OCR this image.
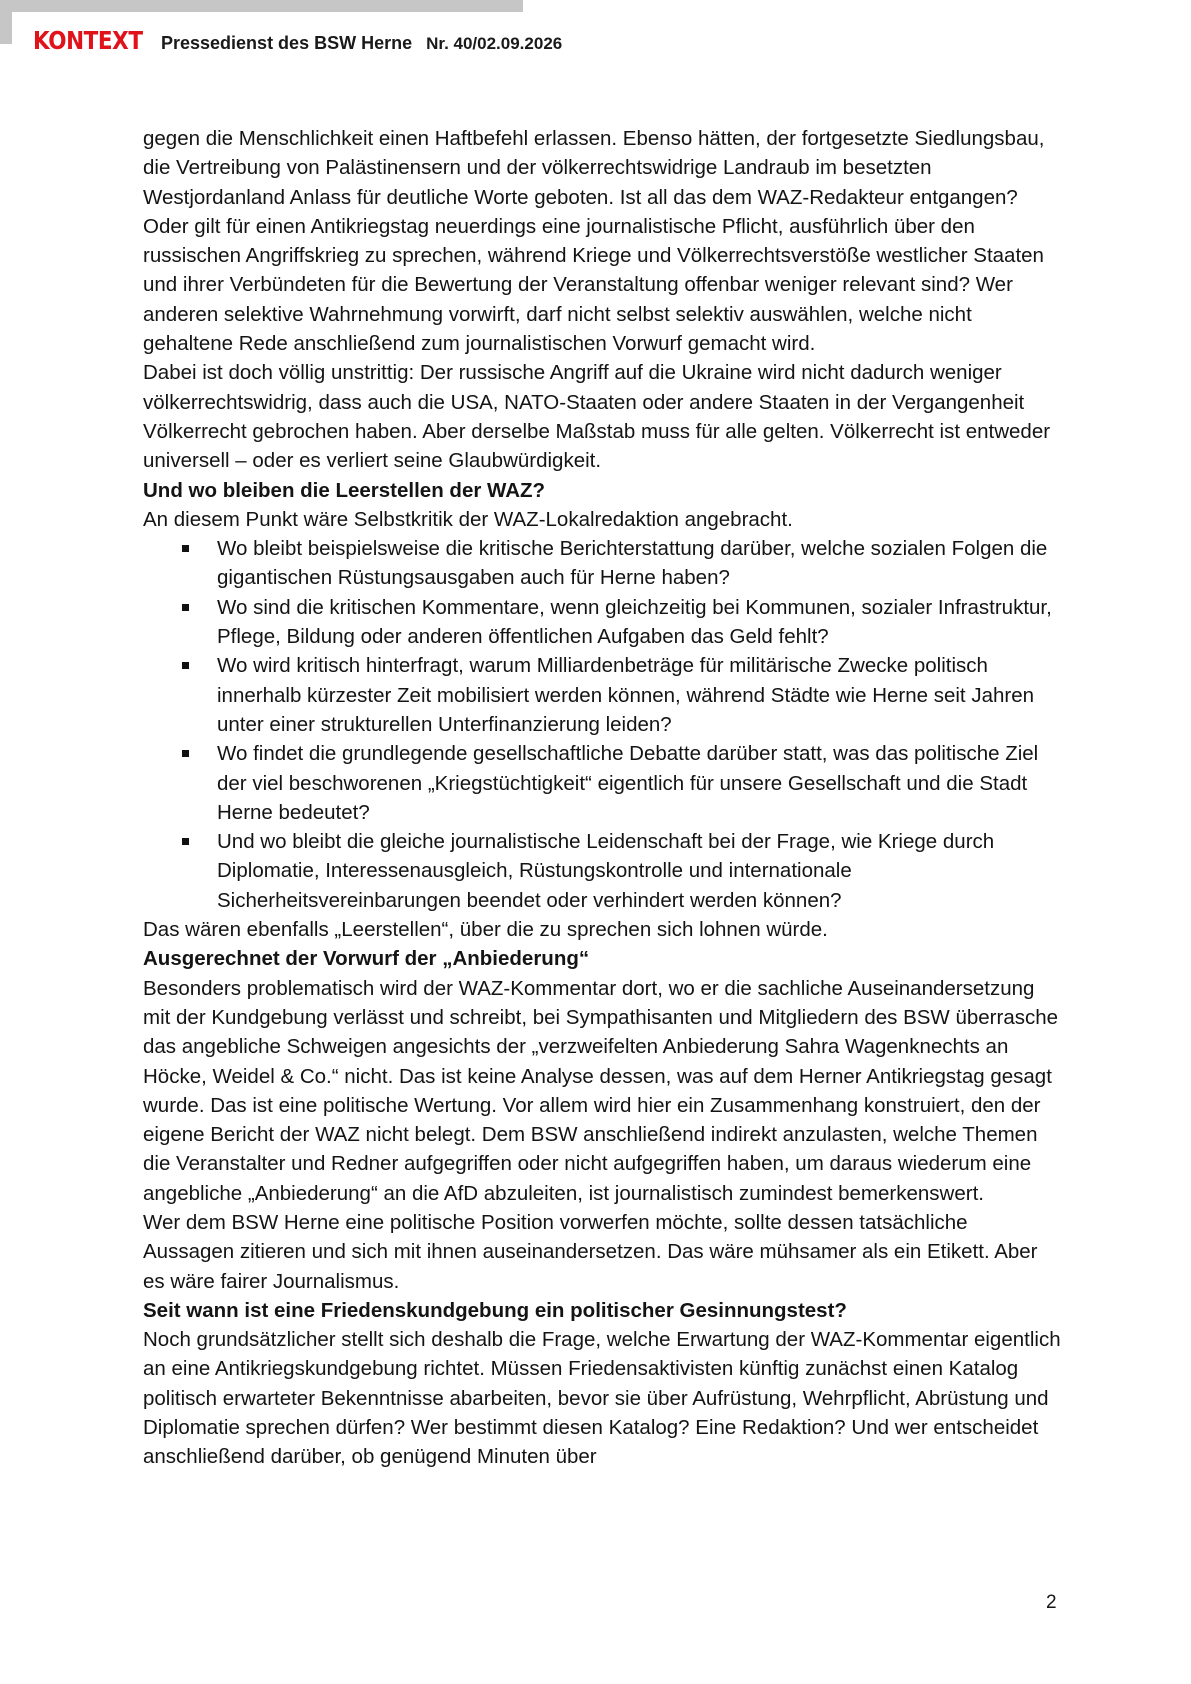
KONTEXT Pressedienst des BSW Herne Nr. 40/02.09.2026

gegen die Menschlichkeit einen Haftbefehl erlassen. Ebenso hätten, der fortgesetzte Siedlungsbau, die Vertreibung von Palästinensern und der völkerrechtswidrige Landraub im besetzten Westjordanland Anlass für deutliche Worte geboten. Ist all das dem WAZ-Redakteur entgangen?

Oder gilt für einen Antikriegstag neuerdings eine journalistische Pflicht, ausführlich über den russischen Angriffskrieg zu sprechen, während Kriege und Völkerrechtsverstöße westlicher Staaten und ihrer Verbündeten für die Bewertung der Veranstaltung offenbar weniger relevant sind? Wer anderen selektive Wahrnehmung vorwirft, darf nicht selbst selektiv auswählen, welche nicht gehaltene Rede anschließend zum journalistischen Vorwurf gemacht wird.

Dabei ist doch völlig unstrittig: Der russische Angriff auf die Ukraine wird nicht dadurch weniger völkerrechtswidrig, dass auch die USA, NATO-Staaten oder andere Staaten in der Vergangenheit Völkerrecht gebrochen haben. Aber derselbe Maßstab muss für alle gelten. Völkerrecht ist entweder universell – oder es verliert seine Glaubwürdigkeit.

Und wo bleiben die Leerstellen der WAZ?

An diesem Punkt wäre Selbstkritik der WAZ-Lokalredaktion angebracht.

Wo bleibt beispielsweise die kritische Berichterstattung darüber, welche sozialen Folgen die gigantischen Rüstungsausgaben auch für Herne haben?
Wo sind die kritischen Kommentare, wenn gleichzeitig bei Kommunen, sozialer Infrastruktur, Pflege, Bildung oder anderen öffentlichen Aufgaben das Geld fehlt?
Wo wird kritisch hinterfragt, warum Milliardenbeträge für militärische Zwecke politisch innerhalb kürzester Zeit mobilisiert werden können, während Städte wie Herne seit Jahren unter einer strukturellen Unterfinanzierung leiden?
Wo findet die grundlegende gesellschaftliche Debatte darüber statt, was das politische Ziel der viel beschworenen „Kriegstüchtigkeit“ eigentlich für unsere Gesellschaft und die Stadt Herne bedeutet?
Und wo bleibt die gleiche journalistische Leidenschaft bei der Frage, wie Kriege durch Diplomatie, Interessenausgleich, Rüstungskontrolle und internationale Sicherheitsvereinbarungen beendet oder verhindert werden können?

Das wären ebenfalls „Leerstellen“, über die zu sprechen sich lohnen würde.

Ausgerechnet der Vorwurf der „Anbiederung“

Besonders problematisch wird der WAZ-Kommentar dort, wo er die sachliche Auseinandersetzung mit der Kundgebung verlässt und schreibt, bei Sympathisanten und Mitgliedern des BSW überrasche das angebliche Schweigen angesichts der „verzweifelten Anbiederung Sahra Wagenknechts an Höcke, Weidel & Co.“ nicht. Das ist keine Analyse dessen, was auf dem Herner Antikriegstag gesagt wurde. Das ist eine politische Wertung. Vor allem wird hier ein Zusammenhang konstruiert, den der eigene Bericht der WAZ nicht belegt. Dem BSW anschließend indirekt anzulasten, welche Themen die Veranstalter und Redner aufgegriffen oder nicht aufgegriffen haben, um daraus wiederum eine angebliche „Anbiederung“ an die AfD abzuleiten, ist journalistisch zumindest bemerkenswert.

Wer dem BSW Herne eine politische Position vorwerfen möchte, sollte dessen tatsächliche Aussagen zitieren und sich mit ihnen auseinandersetzen. Das wäre mühsamer als ein Etikett. Aber es wäre fairer Journalismus.

Seit wann ist eine Friedenskundgebung ein politischer Gesinnungstest?

Noch grundsätzlicher stellt sich deshalb die Frage, welche Erwartung der WAZ-Kommentar eigentlich an eine Antikriegskundgebung richtet. Müssen Friedensaktivisten künftig zunächst einen Katalog politisch erwarteter Bekenntnisse abarbeiten, bevor sie über Aufrüstung, Wehrpflicht, Abrüstung und Diplomatie sprechen dürfen? Wer bestimmt diesen Katalog? Eine Redaktion? Und wer entscheidet anschließend darüber, ob genügend Minuten über

2
